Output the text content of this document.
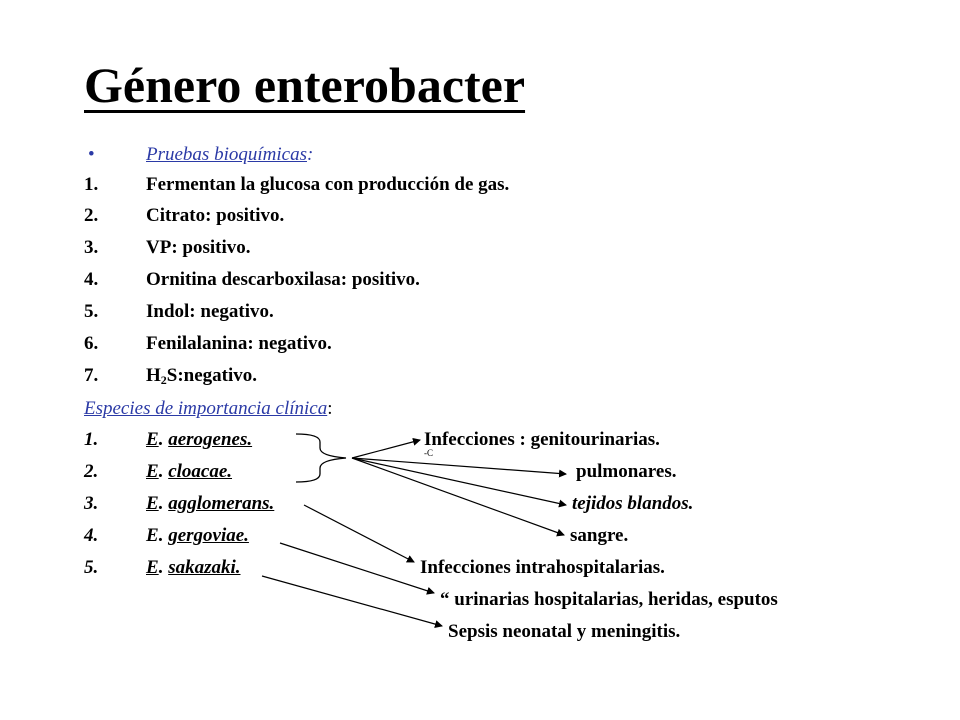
Género enterobacter
•	Pruebas bioquímicas:
1.	Fermentan la glucosa con producción de gas.
2.	Citrato: positivo.
3.	VP: positivo.
4.	Ornitina descarboxilasa: positivo.
5.	Indol: negativo.
6.	Fenilalanina: negativo.
7.	$H_2S:negativo$.
Especies de importancia clínica:
1.	E. aerogenes.
2.	E. cloacae.
3.	E. agglomerans.
4.	E. gergoviae.
5.	E. sakazaki.
Infecciones : genitourinarias.
-C
pulmonares.
tejidos blandos.
sangre.
Infecciones intrahospitalarias.
“ urinarias hospitalarias, heridas, esputos
Sepsis neonatal y meningitis.
